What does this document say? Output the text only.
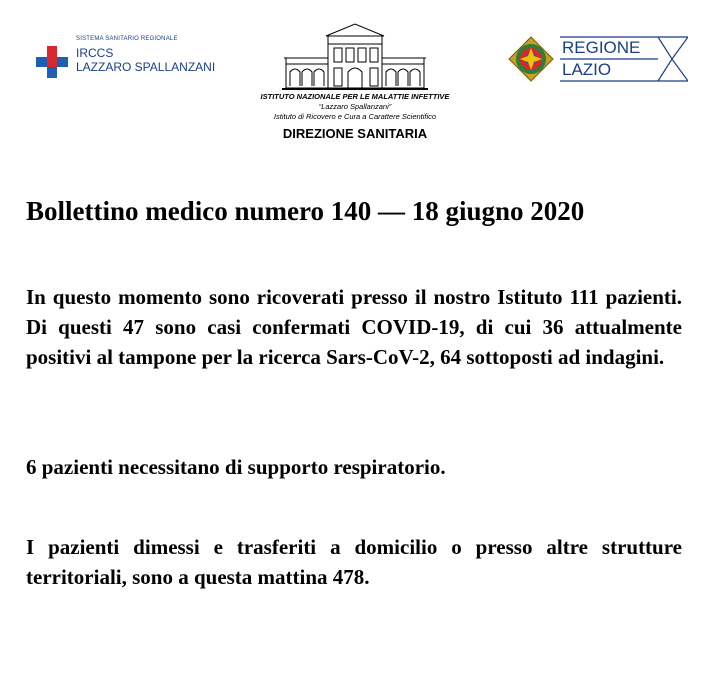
SISTEMA SANITARIO REGIONALE
IRCCS
LAZZARO SPALLANZANI
ISTITUTO NAZIONALE PER LE MALATTIE INFETTIVE
“Lazzaro Spallanzani”
Istituto di Ricovero e Cura a Carattere Scientifico
DIREZIONE SANITARIA
REGIONE
LAZIO
Bollettino medico numero 140 — 18 giugno 2020
In questo momento sono ricoverati presso il nostro Istituto 111 pazienti. Di questi 47 sono casi confermati COVID-19, di cui 36 attualmente positivi al tampone per la ricerca Sars-CoV-2, 64 sottoposti ad indagini.
6 pazienti necessitano di supporto respiratorio.
I pazienti dimessi e trasferiti a domicilio o presso altre strutture territoriali, sono a questa mattina 478.
